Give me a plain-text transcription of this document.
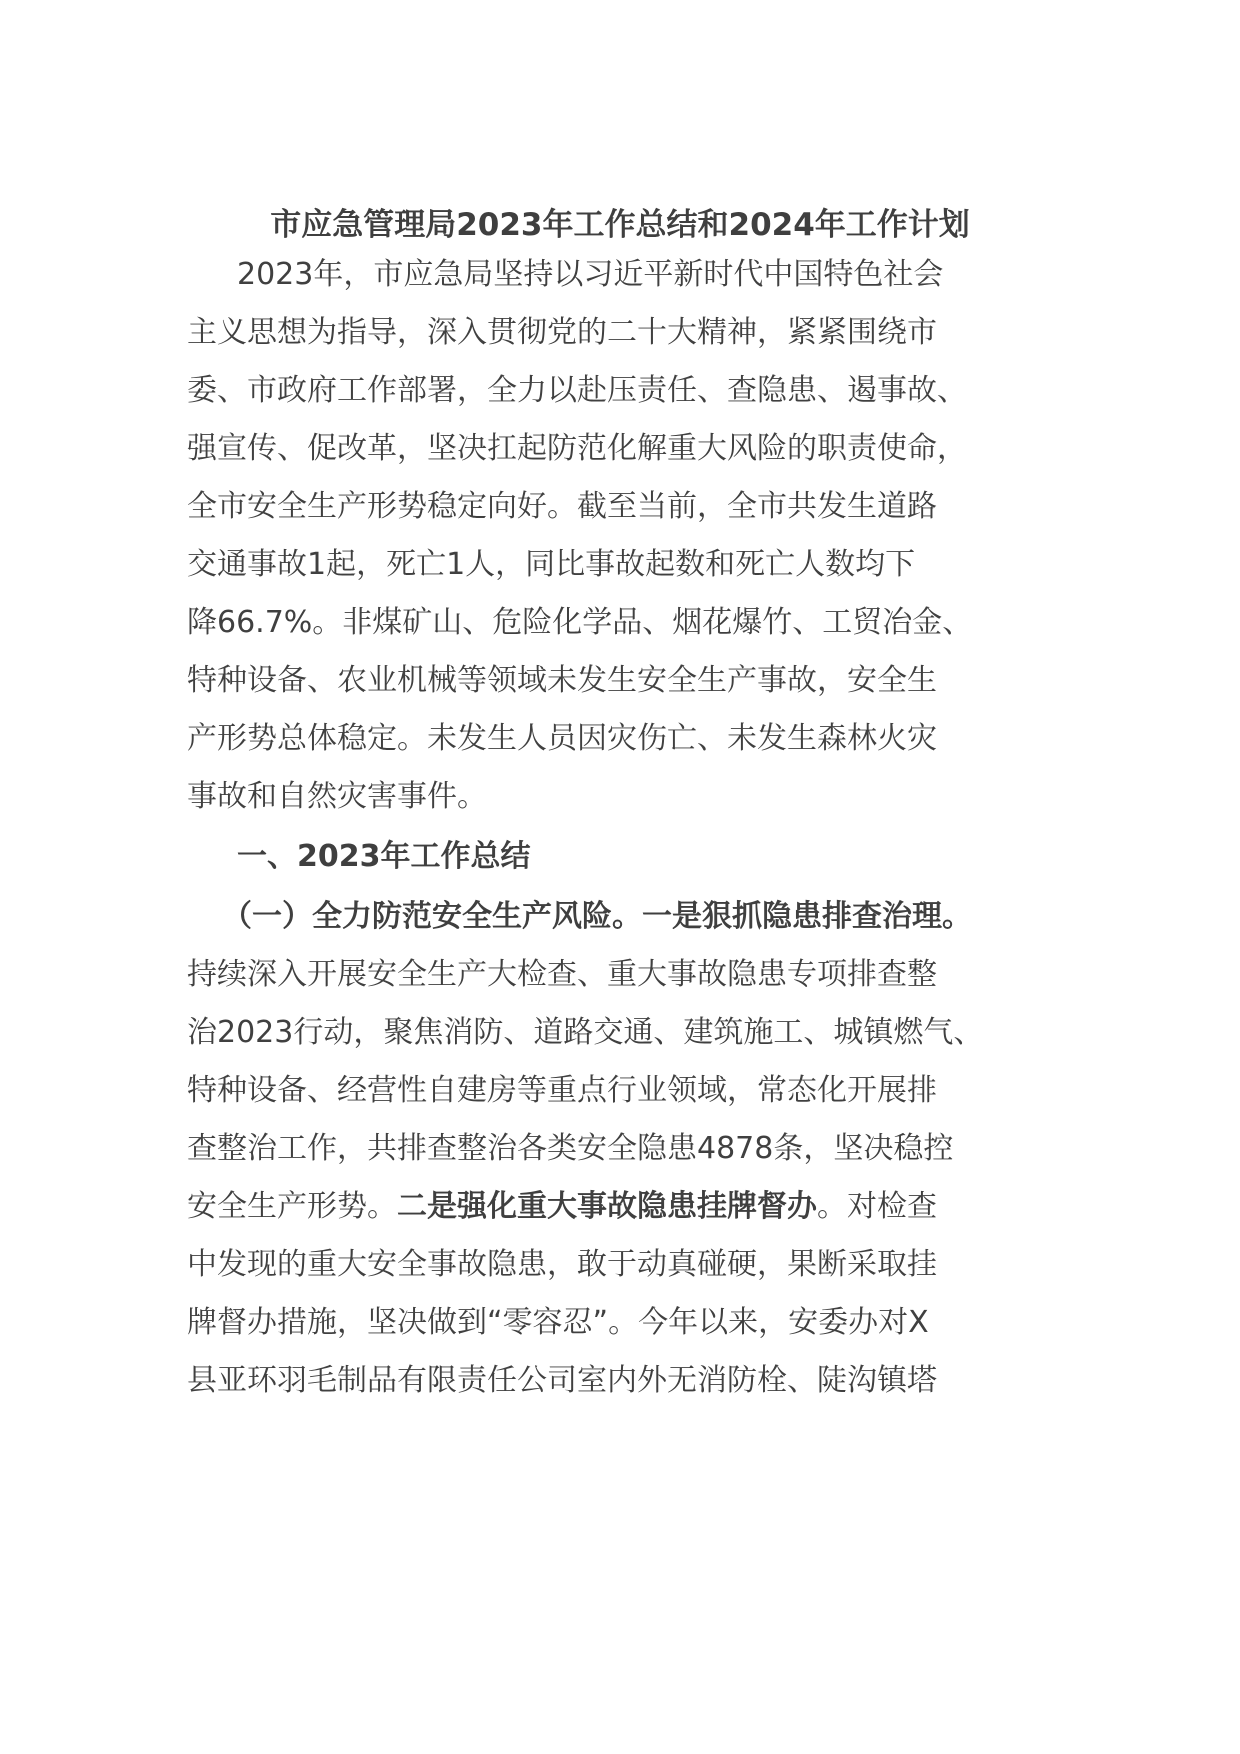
市应急管理局2023年工作总结和2024年工作计划
2023年，市应急局坚持以习近平新时代中国特色社会
主义思想为指导，深入贯彻党的二十大精神，紧紧围绕市
委、市政府工作部署，全力以赴压责任、查隐患、遏事故、
强宣传、促改革，坚决扛起防范化解重大风险的职责使命，
全市安全生产形势稳定向好。截至当前，全市共发生道路
交通事故1起，死亡1人，同比事故起数和死亡人数均下
降66.7%。非煤矿山、危险化学品、烟花爆竹、工贸冶金、
特种设备、农业机械等领域未发生安全生产事故，安全生
产形势总体稳定。未发生人员因灾伤亡、未发生森林火灾
事故和自然灾害事件。
一、2023年工作总结
（一）全力防范安全生产风险。一是狠抓隐患排查治理。
持续深入开展安全生产大检查、重大事故隐患专项排查整
治2023行动，聚焦消防、道路交通、建筑施工、城镇燃气、
特种设备、经营性自建房等重点行业领域，常态化开展排
查整治工作，共排查整治各类安全隐患4878条，坚决稳控
安全生产形势。二是强化重大事故隐患挂牌督办。对检查
中发现的重大安全事故隐患，敢于动真碰硬，果断采取挂
牌督办措施，坚决做到“零容忍”。今年以来，安委办对X
县亚环羽毛制品有限责任公司室内外无消防栓、陡沟镇塔
